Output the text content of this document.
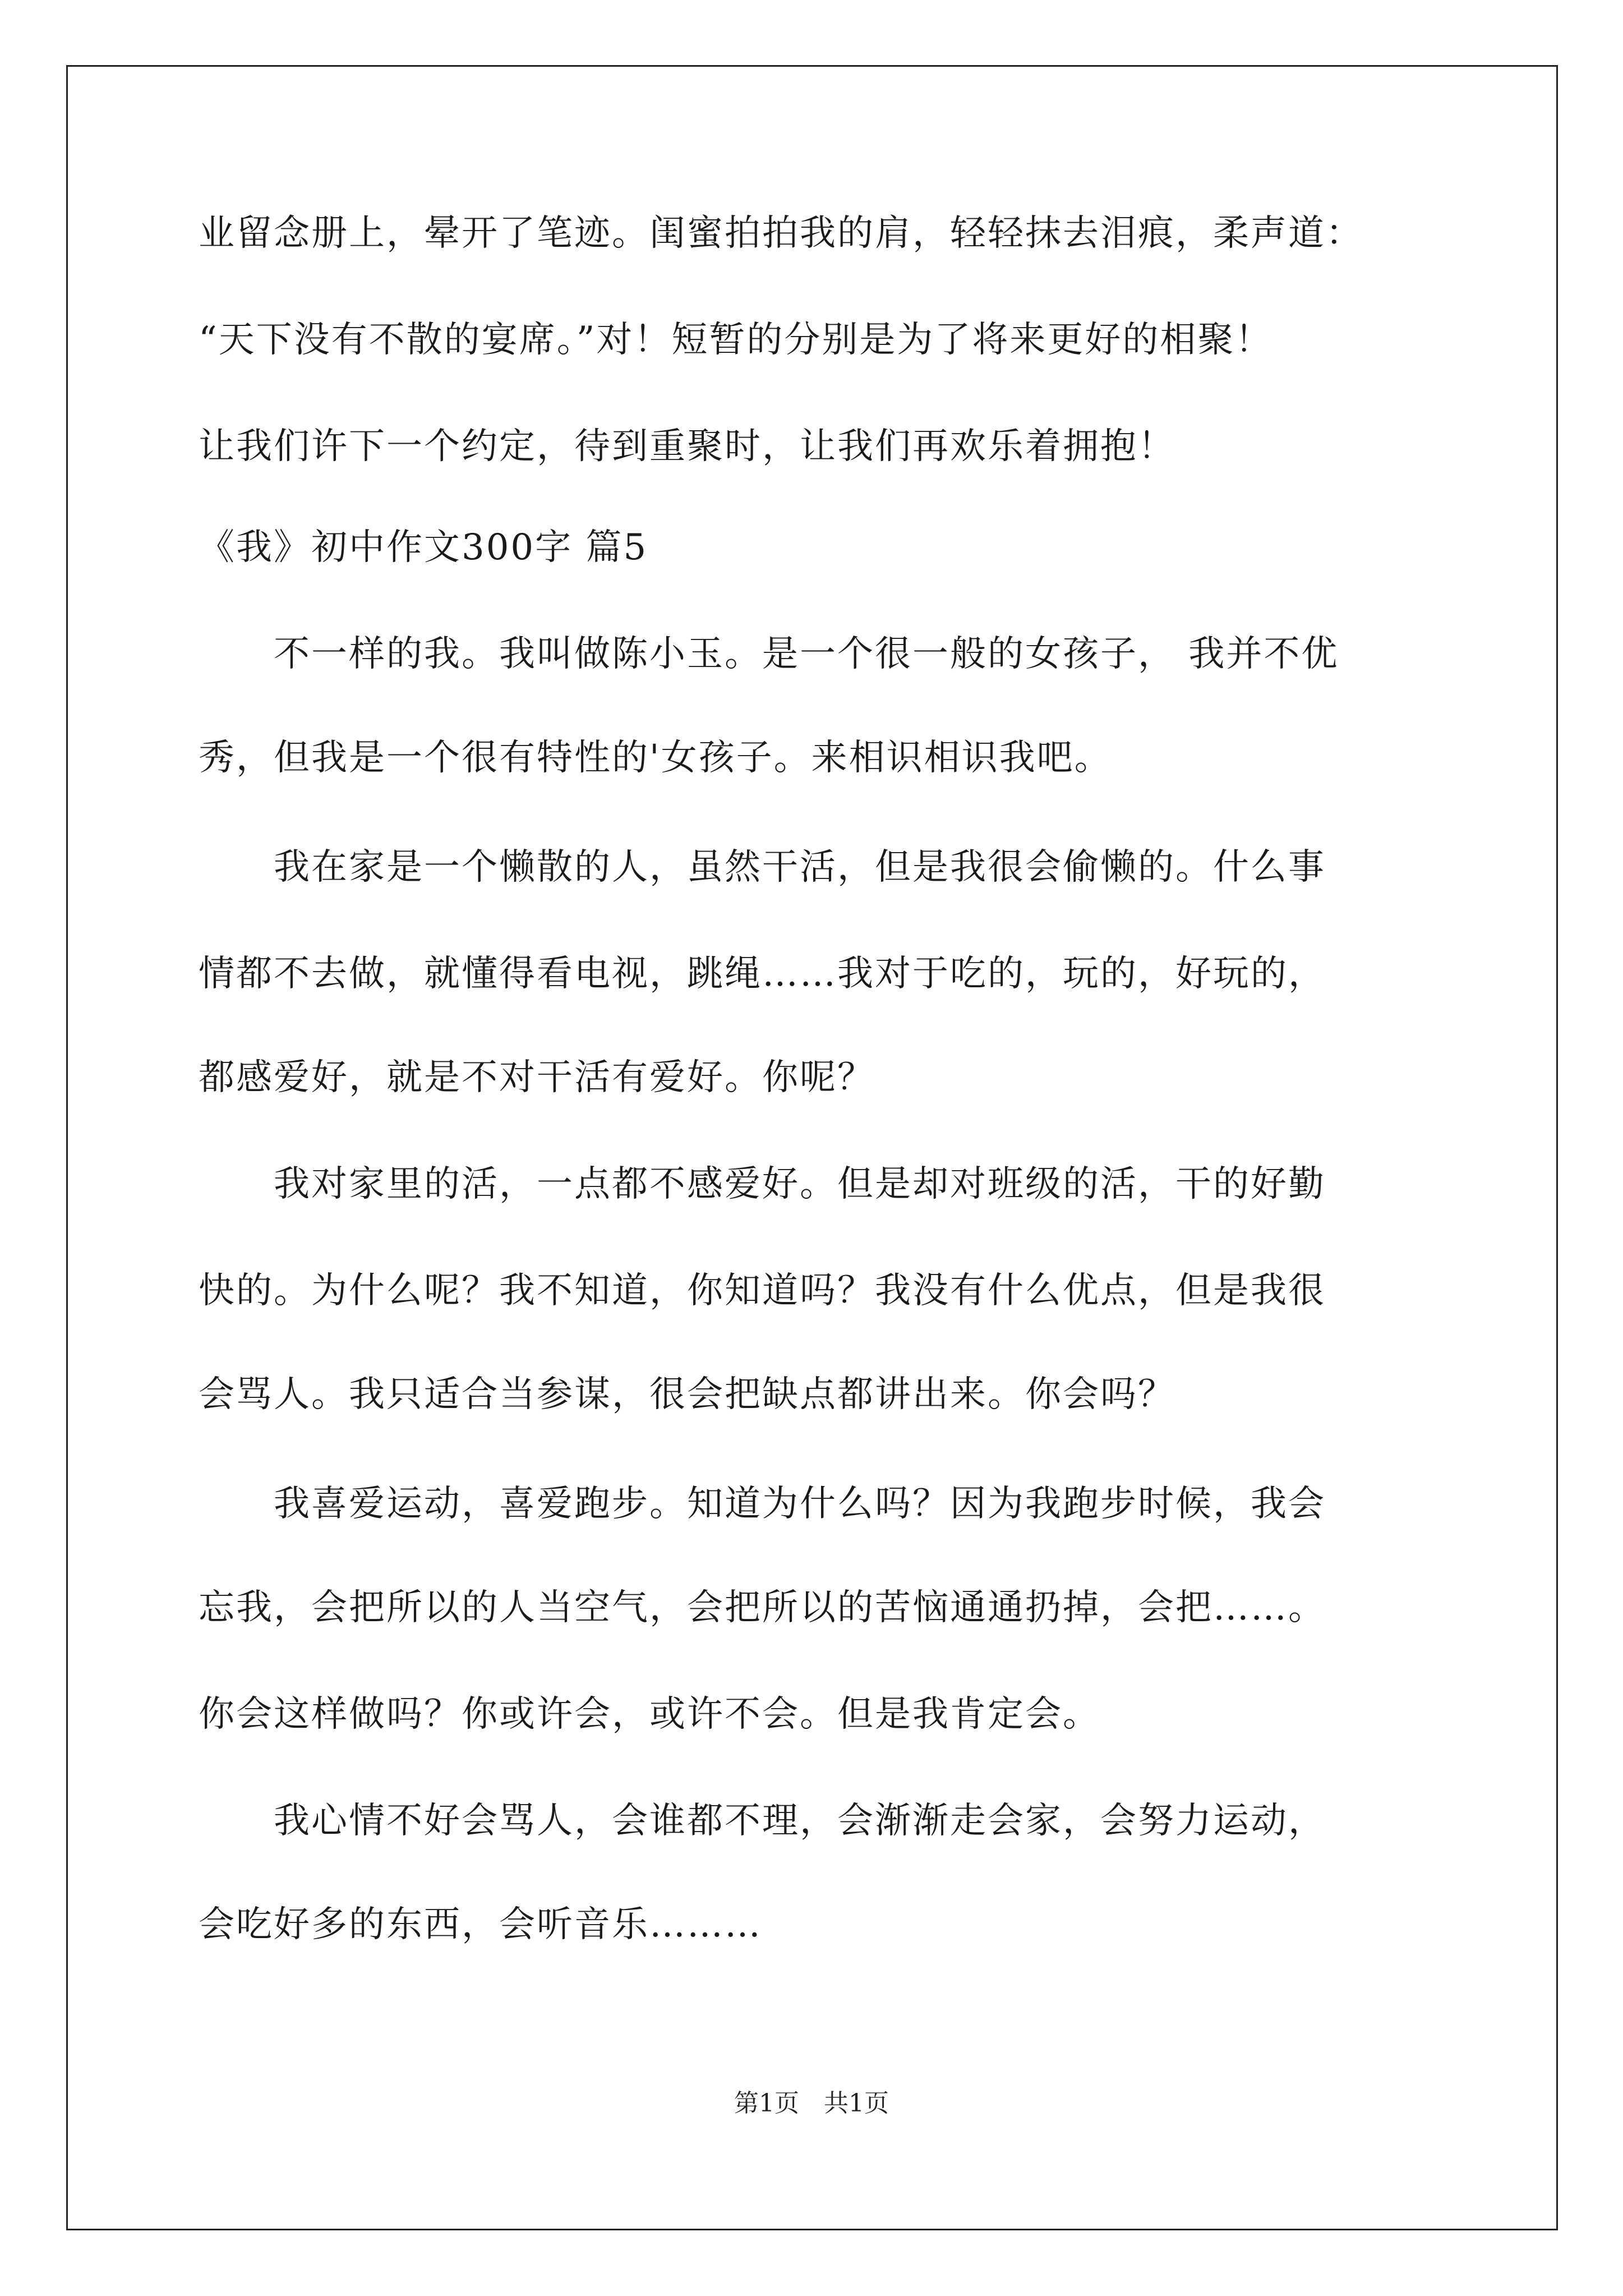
业留念册上，晕开了笔迹。闺蜜拍拍我的肩，轻轻抹去泪痕，柔声道：
“天下没有不散的宴席。”对！短暂的分别是为了将来更好的相聚！
让我们许下一个约定，待到重聚时，让我们再欢乐着拥抱！
《我》初中作文300字 篇5
　　不一样的我。我叫做陈小玉。是一个很一般的女孩子， 我并不优
秀，但我是一个很有特性的'女孩子。来相识相识我吧。
　　我在家是一个懒散的人，虽然干活，但是我很会偷懒的。什么事
情都不去做，就懂得看电视，跳绳……我对于吃的，玩的，好玩的，
都感爱好，就是不对干活有爱好。你呢？
　　我对家里的活，一点都不感爱好。但是却对班级的活，干的好勤
快的。为什么呢？我不知道，你知道吗？我没有什么优点，但是我很
会骂人。我只适合当参谋，很会把缺点都讲出来。你会吗？
　　我喜爱运动，喜爱跑步。知道为什么吗？因为我跑步时候，我会
忘我，会把所以的人当空气，会把所以的苦恼通通扔掉，会把……。
你会这样做吗？你或许会，或许不会。但是我肯定会。
　　我心情不好会骂人，会谁都不理，会渐渐走会家，会努力运动，
会吃好多的东西，会听音乐………
第1页　共1页
